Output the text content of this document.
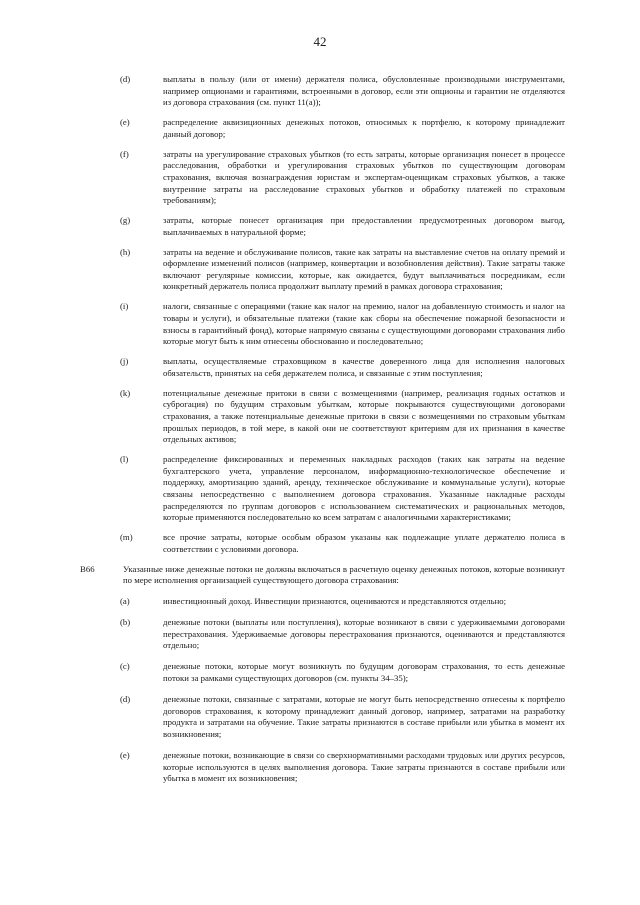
42
(d)	выплаты в пользу (или от имени) держателя полиса, обусловленные производными инструментами, например опционами и гарантиями, встроенными в договор, если эти опционы и гарантии не отделяются из договора страхования (см. пункт 11(а));
(e)	распределение аквизиционных денежных потоков, относимых к портфелю, к которому принадлежит данный договор;
(f)	затраты на урегулирование страховых убытков (то есть затраты, которые организация понесет в процессе расследования, обработки и урегулирования страховых убытков по существующим договорам страхования, включая вознаграждения юристам и экспертам-оценщикам страховых убытков, а также внутренние затраты на расследование страховых убытков и обработку платежей по страховым требованиям);
(g)	затраты, которые понесет организация при предоставлении предусмотренных договором выгод, выплачиваемых в натуральной форме;
(h)	затраты на ведение и обслуживание полисов, такие как затраты на выставление счетов на оплату премий и оформление изменений полисов (например, конвертации и возобновления действия). Такие затраты также включают регулярные комиссии, которые, как ожидается, будут выплачиваться посредникам, если конкретный держатель полиса продолжит выплату премий в рамках договора страхования;
(i)	налоги, связанные с операциями (такие как налог на премию, налог на добавленную стоимость и налог на товары и услуги), и обязательные платежи (такие как сборы на обеспечение пожарной безопасности и взносы в гарантийный фонд), которые напрямую связаны с существующими договорами страхования либо которые могут быть к ним отнесены обоснованно и последовательно;
(j)	выплаты, осуществляемые страховщиком в качестве доверенного лица для исполнения налоговых обязательств, принятых на себя держателем полиса, и связанные с этим поступления;
(k)	потенциальные денежные притоки в связи с возмещениями (например, реализация годных остатков и суброгация) по будущим страховым убыткам, которые покрываются существующими договорами страхования, а также потенциальные денежные притоки в связи с возмещениями по страховым убыткам прошлых периодов, в той мере, в какой они не соответствуют критериям для их признания в качестве отдельных активов;
(l)	распределение фиксированных и переменных накладных расходов (таких как затраты на ведение бухгалтерского учета, управление персоналом, информационно-технологическое обеспечение и поддержку, амортизацию зданий, аренду, техническое обслуживание и коммунальные услуги), которые связаны непосредственно с выполнением договора страхования. Указанные накладные расходы распределяются по группам договоров с использованием систематических и рациональных методов, которые применяются последовательно ко всем затратам с аналогичными характеристиками;
(m)	все прочие затраты, которые особым образом указаны как подлежащие уплате держателю полиса в соответствии с условиями договора.
B66	Указанные ниже денежные потоки не должны включаться в расчетную оценку денежных потоков, которые возникнут по мере исполнения организацией существующего договора страхования:
(a)	инвестиционный доход. Инвестиции признаются, оцениваются и представляются отдельно;
(b)	денежные потоки (выплаты или поступления), которые возникают в связи с удерживаемыми договорами перестрахования. Удерживаемые договоры перестрахования признаются, оцениваются и представляются отдельно;
(c)	денежные потоки, которые могут возникнуть по будущим договорам страхования, то есть денежные потоки за рамками существующих договоров (см. пункты 34–35);
(d)	денежные потоки, связанные с затратами, которые не могут быть непосредственно отнесены к портфелю договоров страхования, к которому принадлежит данный договор, например, затратами на разработку продукта и затратами на обучение. Такие затраты признаются в составе прибыли или убытка в момент их возникновения;
(e)	денежные потоки, возникающие в связи со сверхнормативными расходами трудовых или других ресурсов, которые используются в целях выполнения договора. Такие затраты признаются в составе прибыли или убытка в момент их возникновения;
